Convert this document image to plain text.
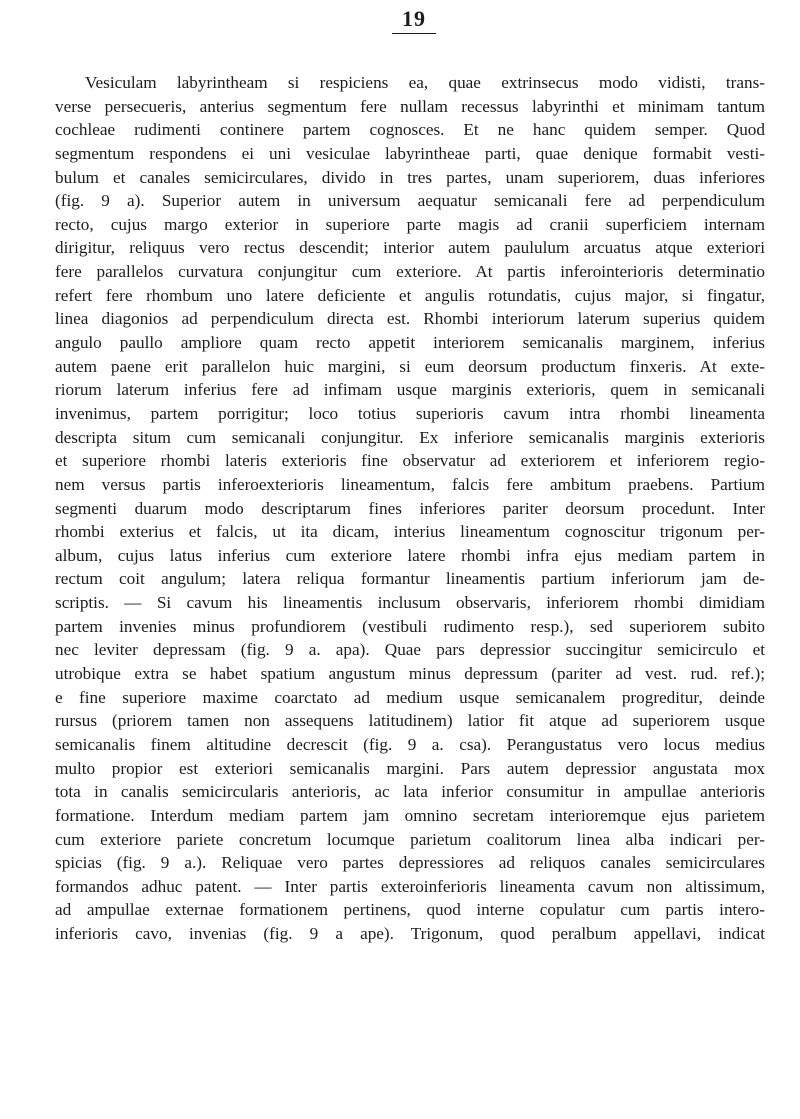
19
Vesiculam labyrintheam si respiciens ea, quae extrinsecus modo vidisti, trans-
verse persecueris, anterius segmentum fere nullam recessus labyrinthi et minimam tantum
cochleae rudimenti continere partem cognosces. Et ne hanc quidem semper. Quod
segmentum respondens ei uni vesiculae labyrintheae parti, quae denique formabit vesti-
bulum et canales semicirculares, divido in tres partes, unam superiorem, duas inferiores
(fig. 9 a). Superior autem in universum aequatur semicanali fere ad perpendiculum
recto, cujus margo exterior in superiore parte magis ad cranii superficiem internam
dirigitur, reliquus vero rectus descendit; interior autem paululum arcuatus atque exteriori
fere parallelos curvatura conjungitur cum exteriore. At partis inferointerioris determinatio
refert fere rhombum uno latere deficiente et angulis rotundatis, cujus major, si fingatur,
linea diagonios ad perpendiculum directa est. Rhombi interiorum laterum superius quidem
angulo paullo ampliore quam recto appetit interiorem semicanalis marginem, inferius
autem paene erit parallelon huic margini, si eum deorsum productum finxeris. At exte-
riorum laterum inferius fere ad infimam usque marginis exterioris, quem in semicanali
invenimus, partem porrigitur; loco totius superioris cavum intra rhombi lineamenta
descripta situm cum semicanali conjungitur. Ex inferiore semicanalis marginis exterioris
et superiore rhombi lateris exterioris fine observatur ad exteriorem et inferiorem regio-
nem versus partis inferoexterioris lineamentum, falcis fere ambitum praebens. Partium
segmenti duarum modo descriptarum fines inferiores pariter deorsum procedunt. Inter
rhombi exterius et falcis, ut ita dicam, interius lineamentum cognoscitur trigonum per-
album, cujus latus inferius cum exteriore latere rhombi infra ejus mediam partem in
rectum coit angulum; latera reliqua formantur lineamentis partium inferiorum jam de-
scriptis. — Si cavum his lineamentis inclusum observaris, inferiorem rhombi dimidiam
partem invenies minus profundiorem (vestibuli rudimento resp.), sed superiorem subito
nec leviter depressam (fig. 9 a. apa). Quae pars depressior succingitur semicirculo et
utrobique extra se habet spatium angustum minus depressum (pariter ad vest. rud. ref.);
e fine superiore maxime coarctato ad medium usque semicanalem progreditur, deinde
rursus (priorem tamen non assequens latitudinem) latior fit atque ad superiorem usque
semicanalis finem altitudine decrescit (fig. 9 a. csa). Perangustatus vero locus medius
multo propior est exteriori semicanalis margini. Pars autem depressior angustata mox
tota in canalis semicircularis anterioris, ac lata inferior consumitur in ampullae anterioris
formatione. Interdum mediam partem jam omnino secretam interioremque ejus parietem
cum exteriore pariete concretum locumque parietum coalitorum linea alba indicari per-
spicias (fig. 9 a.). Reliquae vero partes depressiores ad reliquos canales semicirculares
formandos adhuc patent. — Inter partis exteroinferioris lineamenta cavum non altissimum,
ad ampullae externae formationem pertinens, quod interne copulatur cum partis intero-
inferioris cavo, invenias (fig. 9 a ape). Trigonum, quod peralbum appellavi, indicat
